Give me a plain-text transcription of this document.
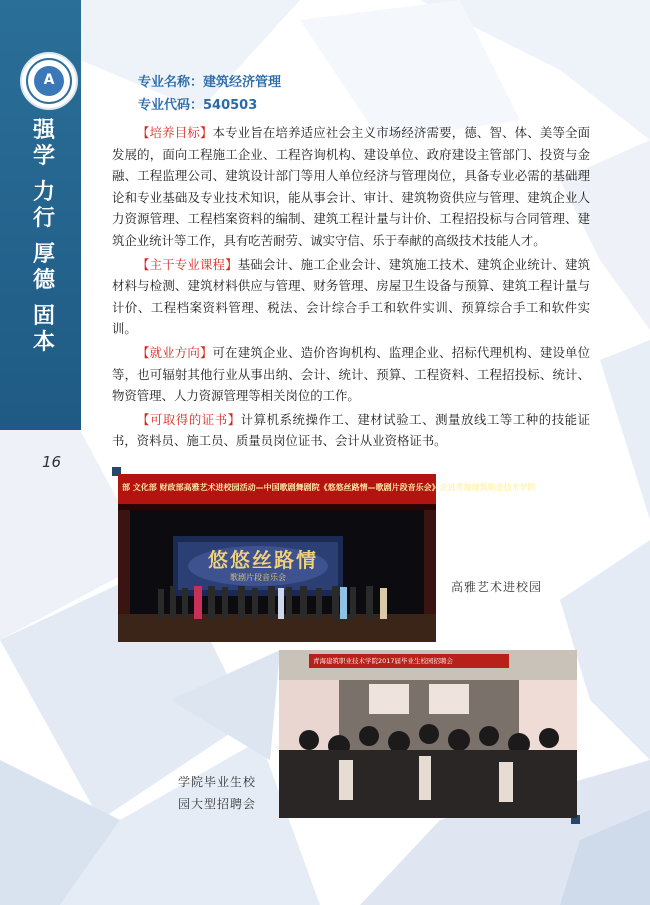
A
强学
力行
厚德
固本
专业名称：建筑经济管理
专业代码：540503

【培养目标】本专业旨在培养适应社会主义市场经济需要，德、智、体、美等全面发展的，面向工程施工企业、工程咨询机构、建设单位、政府建设主管部门、投资与金融、工程监理公司、建筑设计部门等用人单位经济与管理岗位，具备专业必需的基础理论和专业基础及专业技术知识，能从事会计、审计、建筑物资供应与管理、建筑企业人力资源管理、工程档案资料的编制、建筑工程计量与计价、工程招投标与合同管理、建筑企业统计等工作，具有吃苦耐劳、诚实守信、乐于奉献的高级技术技能人才。

【主干专业课程】基础会计、施工企业会计、建筑施工技术、建筑企业统计、建筑材料与检测、建筑材料供应与管理、财务管理、房屋卫生设备与预算、建筑工程计量与计价、工程档案资料管理、税法、会计综合手工和软件实训、预算综合手工和软件实训。

【就业方向】可在建筑企业、造价咨询机构、监理企业、招标代理机构、建设单位等，也可辐射其他行业从事出纳、会计、统计、预算、工程资料、工程招投标、统计、物资管理、人力资源管理等相关岗位的工作。

【可取得的证书】计算机系统操作工、建材试验工、测量放线工等工种的技能证书，资料员、施工员、质量员岗位证书、会计从业资格证书。

16
部 文化部 财政部高雅艺术进校园活动—中国歌剧舞剧院《悠悠丝路情—歌剧片段音乐会》走进青海建筑职业技术学院
悠悠丝路情
歌剧片段音乐会
高雅艺术进校园
青海建筑职业技术学院2017届毕业生校园招聘会
学院毕业生校
园大型招聘会
